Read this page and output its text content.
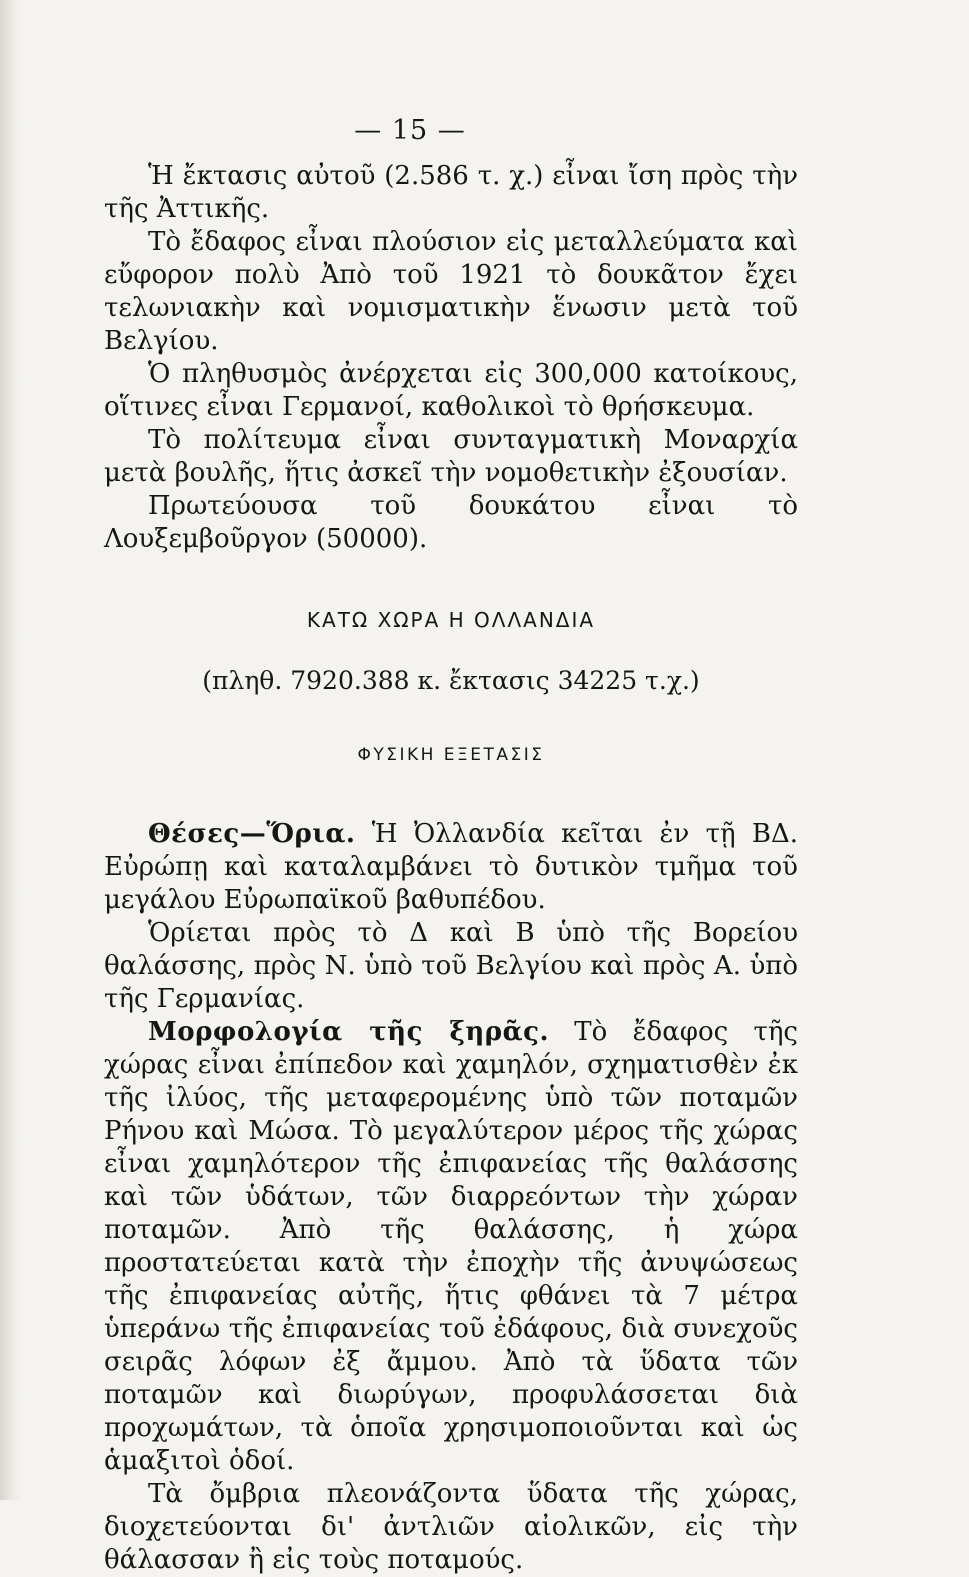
— 15 —

Ἡ ἔκτασις αὐτοῦ (2.586 τ. χ.) εἶναι ἴση πρὸς τὴν τῆς Ἀττικῆς.

Τὸ ἔδαφος εἶναι πλούσιον εἰς μεταλλεύματα καὶ εὔφορον πολὺ Ἀπὸ τοῦ 1921 τὸ δουκᾶτον ἔχει τελωνιακὴν καὶ νομισματικὴν ἕνωσιν μετὰ τοῦ Βελγίου.

Ὁ πληθυσμὸς ἀνέρχεται εἰς 300,000 κατοίκους, οἵτινες εἶναι Γερμανοί, καθολικοὶ τὸ θρήσκευμα.

Τὸ πολίτευμα εἶναι συνταγματικὴ Μοναρχία μετὰ βουλῆς, ἥτις ἀσκεῖ τὴν νομοθετικὴν ἐξουσίαν.

Πρωτεύουσα τοῦ δουκάτου εἶναι τὸ Λουξεμβοῦργον (50000).

ΚΑΤΩ ΧΩΡΑ Η ΟΛΛΑΝΔΙΑ
(πληθ. 7920.388 κ. ἔκτασις 34225 τ.χ.)
ΦΥΣΙΚΗ ΕΞΕΤΑΣΙΣ

Θέσες—Ὅρια. Ἡ Ὀλλανδία κεῖται ἐν τῇ ΒΔ. Εὐρώπῃ καὶ καταλαμβάνει τὸ δυτικὸν τμῆμα τοῦ μεγάλου Εὐρωπαϊκοῦ βαθυπέδου.

Ὁρίεται πρὸς τὸ Δ καὶ Β ὑπὸ τῆς Βορείου θαλάσσης, πρὸς Ν. ὑπὸ τοῦ Βελγίου καὶ πρὸς Α. ὑπὸ τῆς Γερμανίας.

Μορφολογία τῆς ξηρᾶς. Τὸ ἔδαφος τῆς χώρας εἶναι ἐπίπεδον καὶ χαμηλόν, σχηματισθὲν ἐκ τῆς ἰλύος, τῆς μεταφερομένης ὑπὸ τῶν ποταμῶν Ρήνου καὶ Μώσα. Τὸ μεγαλύτερον μέρος τῆς χώρας εἶναι χαμηλότερον τῆς ἐπιφανείας τῆς θαλάσσης καὶ τῶν ὑδάτων, τῶν διαρρεόντων τὴν χώραν ποταμῶν. Ἀπὸ τῆς θαλάσσης, ἡ χώρα προστατεύεται κατὰ τὴν ἐποχὴν τῆς ἀνυψώσεως τῆς ἐπιφανείας αὐτῆς, ἥτις φθάνει τὰ 7 μέτρα ὑπεράνω τῆς ἐπιφανείας τοῦ ἐδάφους, διὰ συνεχοῦς σειρᾶς λόφων ἐξ ἄμμου. Ἀπὸ τὰ ὕδατα τῶν ποταμῶν καὶ διωρύγων, προφυλάσσεται διὰ προχωμάτων, τὰ ὁποῖα χρησιμοποιοῦνται καὶ ὡς ἁμαξιτοὶ ὁδοί.

Τὰ ὄμβρια πλεονάζοντα ὕδατα τῆς χώρας, διοχετεύονται δι' ἀντλιῶν αἰολικῶν, εἰς τὴν θάλασσαν ἢ εἰς τοὺς ποταμούς.
